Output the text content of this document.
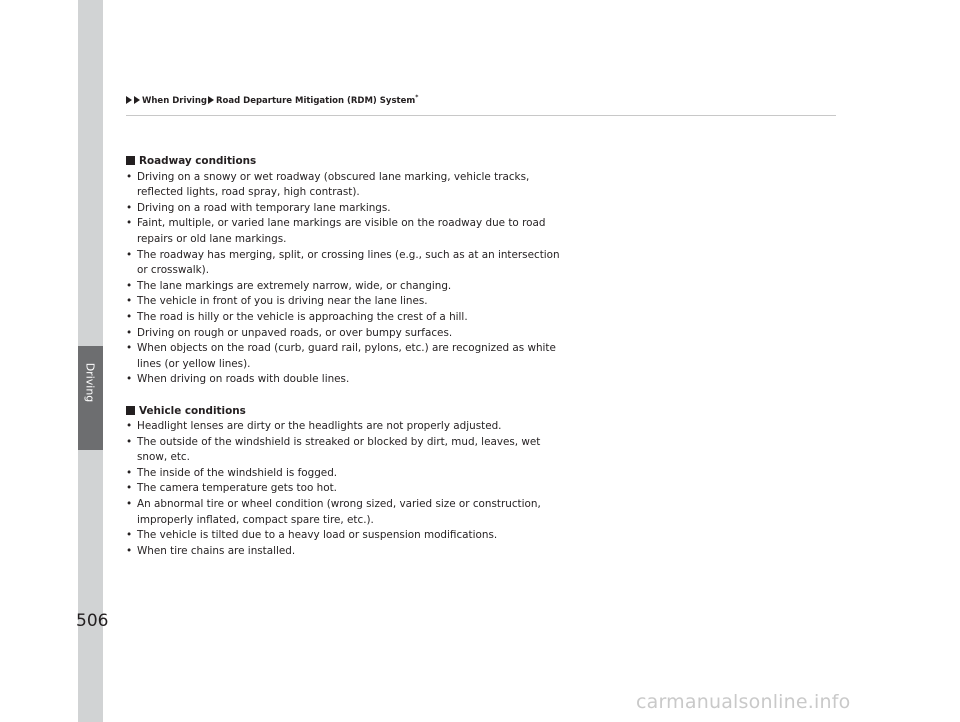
Driving
When Driving Road Departure Mitigation (RDM) System*
Roadway conditions
• Driving on a snowy or wet roadway (obscured lane marking, vehicle tracks, reflected lights, road spray, high contrast).
• Driving on a road with temporary lane markings.
• Faint, multiple, or varied lane markings are visible on the roadway due to road repairs or old lane markings.
• The roadway has merging, split, or crossing lines (e.g., such as at an intersection or crosswalk).
• The lane markings are extremely narrow, wide, or changing.
• The vehicle in front of you is driving near the lane lines.
• The road is hilly or the vehicle is approaching the crest of a hill.
• Driving on rough or unpaved roads, or over bumpy surfaces.
• When objects on the road (curb, guard rail, pylons, etc.) are recognized as white lines (or yellow lines).
• When driving on roads with double lines.
Vehicle conditions
• Headlight lenses are dirty or the headlights are not properly adjusted.
• The outside of the windshield is streaked or blocked by dirt, mud, leaves, wet snow, etc.
• The inside of the windshield is fogged.
• The camera temperature gets too hot.
• An abnormal tire or wheel condition (wrong sized, varied size or construction, improperly inflated, compact spare tire, etc.).
• The vehicle is tilted due to a heavy load or suspension modifications.
• When tire chains are installed.
506
carmanualsonline.info
